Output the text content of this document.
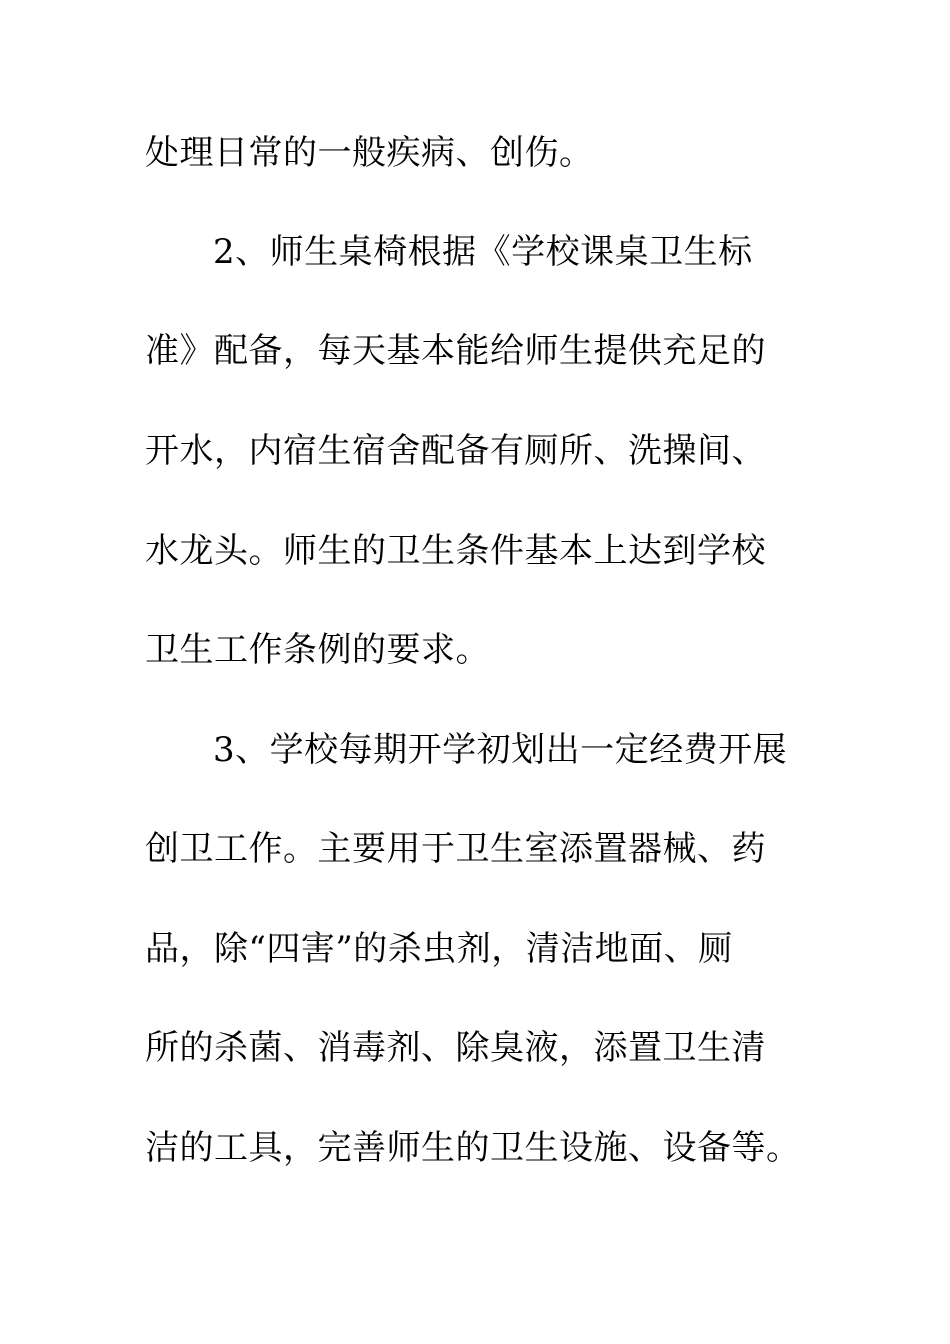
处理日常的一般疾病、创伤。
2、师生桌椅根据《学校课桌卫生标
准》配备，每天基本能给师生提供充足的
开水，内宿生宿舍配备有厕所、洗操间、
水龙头。师生的卫生条件基本上达到学校
卫生工作条例的要求。
3、学校每期开学初划出一定经费开展
创卫工作。主要用于卫生室添置器械、药
品，除“四害”的杀虫剂，清洁地面、厕
所的杀菌、消毒剂、除臭液，添置卫生清
洁的工具，完善师生的卫生设施、设备等。
